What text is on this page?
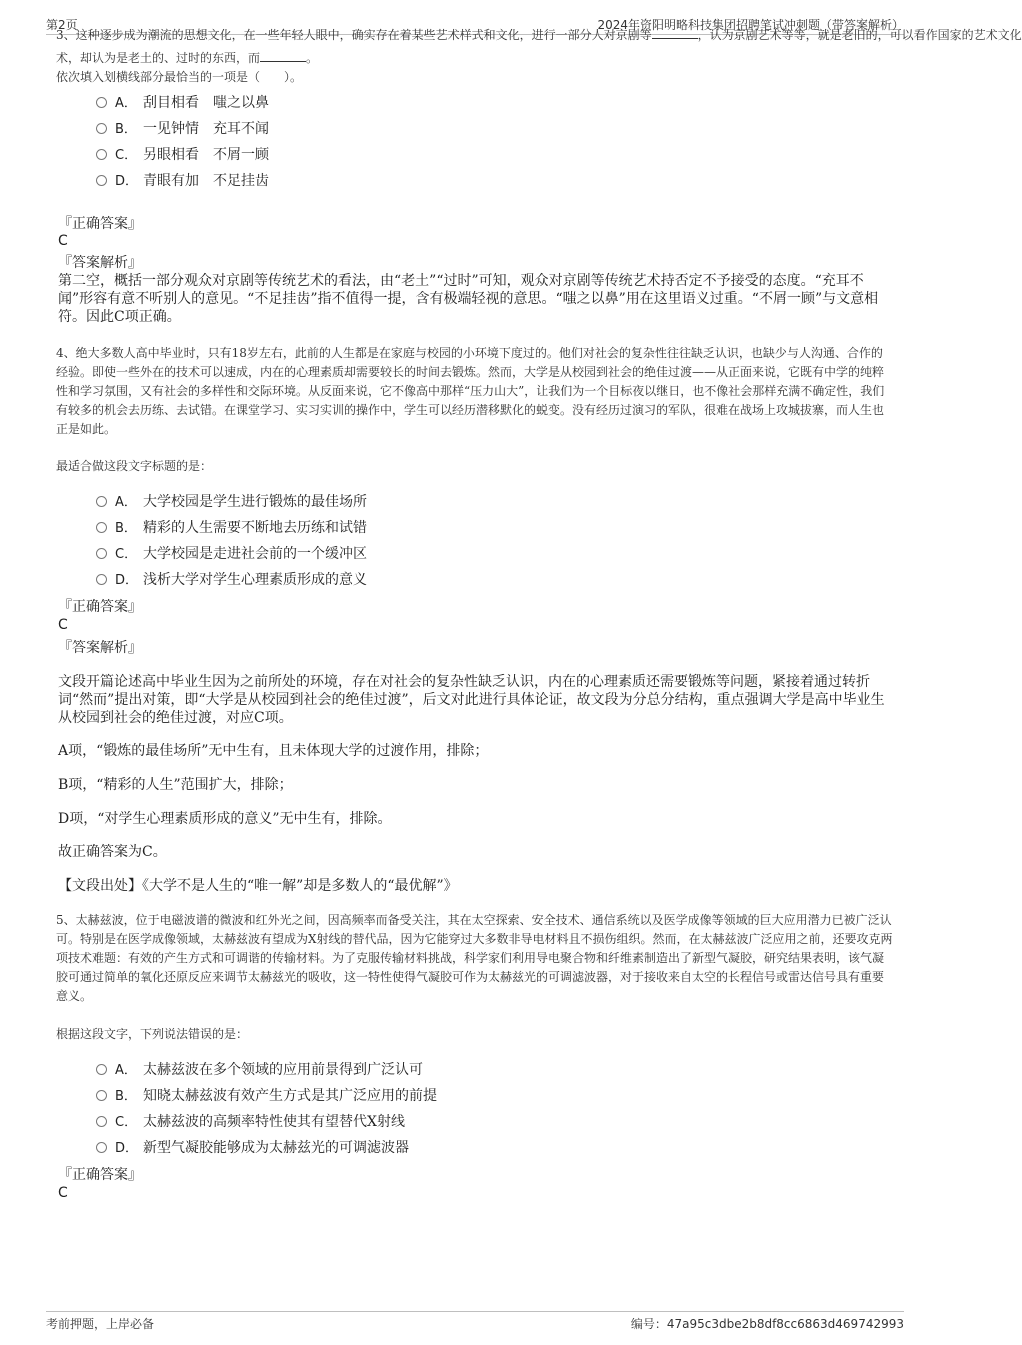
第2页	2024年资阳明略科技集团招聘笔试冲刺题（带答案解析）
3、这种逐步成为潮流的思想文化，在一些年轻人眼中，确实存在着某些艺术样式和文化，进行一部分人对京剧等	，认为京剧艺术等等，就是老旧的，可以看作国家的艺术文化

术，却认为是老土的、过时的东西，而	。

依次填入划横线部分最恰当的一项是（　　）。

A． 刮目相看　嗤之以鼻
B． 一见钟情　充耳不闻
C． 另眼相看　不屑一顾
D． 青眼有加　不足挂齿
『正确答案』
C
『答案解析』

第二空，概括一部分观众对京剧等传统艺术的看法，由“老土”“过时”可知，观众对京剧等传统艺术持否定不予接受的态度。“充耳不闻”形容有意不听别人的意见。“不足挂齿”指不值得一提，含有极端轻视的意思。“嗤之以鼻”用在这里语义过重。“不屑一顾”与文意相符。因此C项正确。

4、绝大多数人高中毕业时，只有18岁左右，此前的人生都是在家庭与校园的小环境下度过的。他们对社会的复杂性往往缺乏认识，也缺少与人沟通、合作的经验。即使一些外在的技术可以速成，内在的心理素质却需要较长的时间去锻炼。然而，大学是从校园到社会的绝佳过渡——从正面来说，它既有中学的纯粹性和学习氛围，又有社会的多样性和交际环境。从反面来说，它不像高中那样“压力山大”，让我们为一个目标夜以继日，也不像社会那样充满不确定性，我们有较多的机会去历练、去试错。在课堂学习、实习实训的操作中，学生可以经历潜移默化的蜕变。没有经历过演习的军队，很难在战场上攻城拔寨，而人生也正是如此。

最适合做这段文字标题的是：

A． 大学校园是学生进行锻炼的最佳场所
B． 精彩的人生需要不断地去历练和试错
C． 大学校园是走进社会前的一个缓冲区
D． 浅析大学对学生心理素质形成的意义
『正确答案』
C
『答案解析』

文段开篇论述高中毕业生因为之前所处的环境，存在对社会的复杂性缺乏认识，内在的心理素质还需要锻炼等问题，紧接着通过转折词“然而”提出对策，即“大学是从校园到社会的绝佳过渡”，后文对此进行具体论证，故文段为分总分结构，重点强调大学是高中毕业生从校园到社会的绝佳过渡，对应C项。

A项，“锻炼的最佳场所”无中生有，且未体现大学的过渡作用，排除；

B项，“精彩的人生”范围扩大，排除；

D项，“对学生心理素质形成的意义”无中生有，排除。

故正确答案为C。

【文段出处】《大学不是人生的“唯一解”却是多数人的“最优解”》

5、太赫兹波，位于电磁波谱的微波和红外光之间，因高频率而备受关注，其在太空探索、安全技术、通信系统以及医学成像等领域的巨大应用潜力已被广泛认可。特别是在医学成像领域，太赫兹波有望成为X射线的替代品，因为它能穿过大多数非导电材料且不损伤组织。然而，在太赫兹波广泛应用之前，还要攻克两项技术难题：有效的产生方式和可调谐的传输材料。为了克服传输材料挑战，科学家们利用导电聚合物和纤维素制造出了新型气凝胶，研究结果表明，该气凝胶可通过简单的氧化还原反应来调节太赫兹光的吸收，这一特性使得气凝胶可作为太赫兹光的可调滤波器，对于接收来自太空的长程信号或雷达信号具有重要意义。

根据这段文字，下列说法错误的是：

A． 太赫兹波在多个领域的应用前景得到广泛认可
B． 知晓太赫兹波有效产生方式是其广泛应用的前提
C． 太赫兹波的高频率特性使其有望替代X射线
D． 新型气凝胶能够成为太赫兹光的可调滤波器
『正确答案』
C
考前押题，上岸必备	编号：47a95c3dbe2b8df8cc6863d469742993
